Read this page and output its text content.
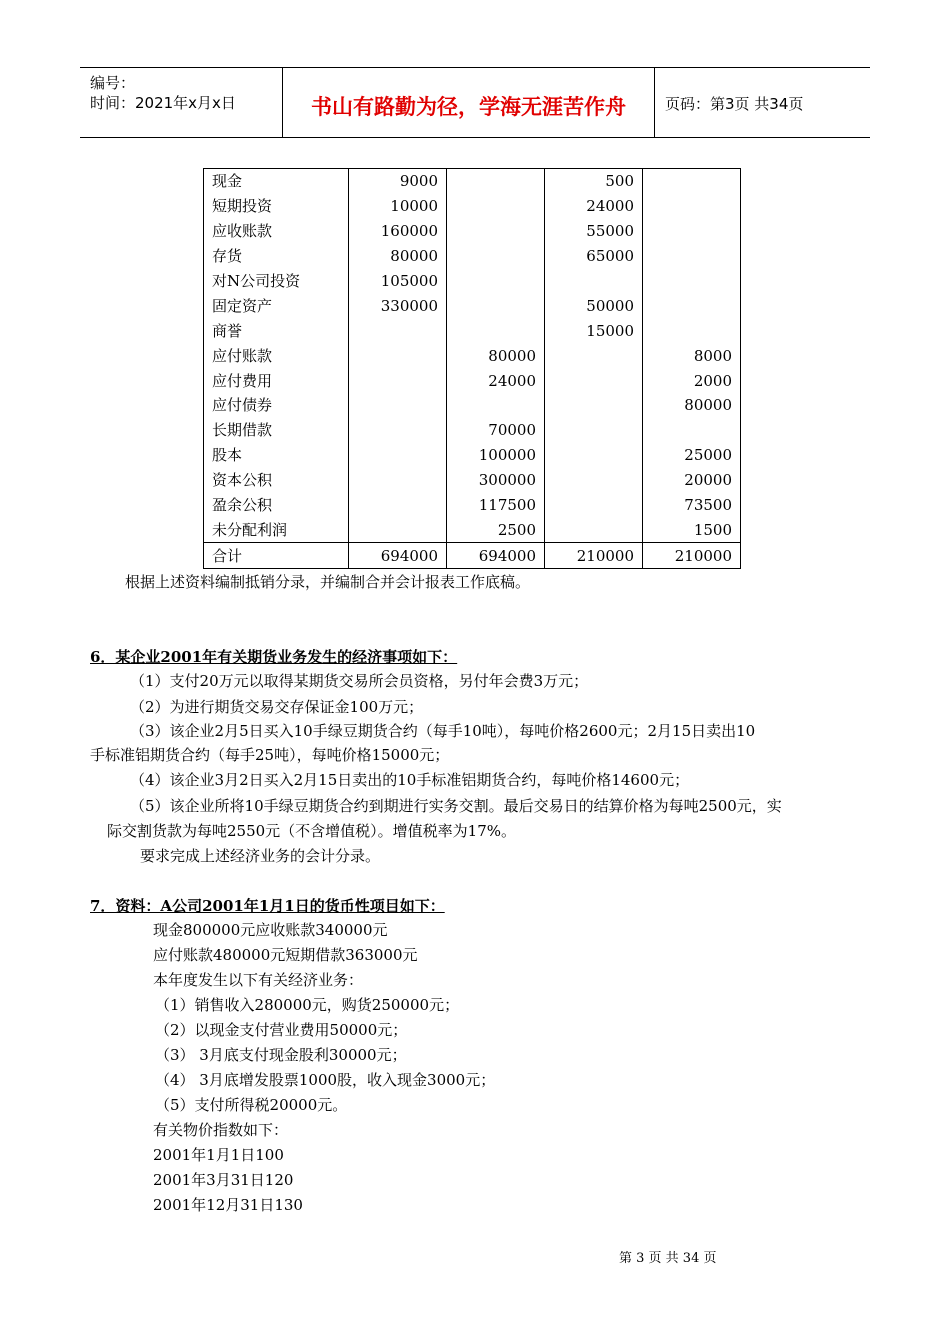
编号：
时间：2021年x月x日	书山有路勤为径，学海无涯苦作舟	页码：第3页 共34页
现金	9000		500	
短期投资	10000		24000	
应收账款	160000		55000	
存货	80000		65000	
对N公司投资	105000			
固定资产	330000		50000	
商誉			15000	
应付账款		80000		8000
应付费用		24000		2000
应付债券				80000
长期借款		70000		
股本		100000		25000
资本公积		300000		20000
盈余公积		117500		73500
未分配利润		2500		1500
合计	694000	694000	210000	210000
根据上述资料编制抵销分录，并编制合并会计报表工作底稿。
6．某企业2001年有关期货业务发生的经济事项如下：
（1）支付20万元以取得某期货交易所会员资格，另付年会费3万元；
（2）为进行期货交易交存保证金100万元；
（3）该企业2月5日买入10手绿豆期货合约（每手10吨），每吨价格2600元；2月15日卖出10
手标准铝期货合约（每手25吨），每吨价格15000元；
（4）该企业3月2日买入2月15日卖出的10手标准铝期货合约，每吨价格14600元；
（5）该企业所将10手绿豆期货合约到期进行实务交割。最后交易日的结算价格为每吨2500元，实
际交割货款为每吨2550元（不含增值税）。增值税率为17%。
要求完成上述经济业务的会计分录。
7．资料：A公司2001年1月1日的货币性项目如下：
现金800000元应收账款340000元
应付账款480000元短期借款363000元
本年度发生以下有关经济业务：
（1）销售收入280000元，购货250000元；
（2）以现金支付营业费用50000元；
（3） 3月底支付现金股利30000元；
（4） 3月底增发股票1000股，收入现金3000元；
（5）支付所得税20000元。
有关物价指数如下：
2001年1月1日100
2001年3月31日120
2001年12月31日130
第 3 页 共 34 页
